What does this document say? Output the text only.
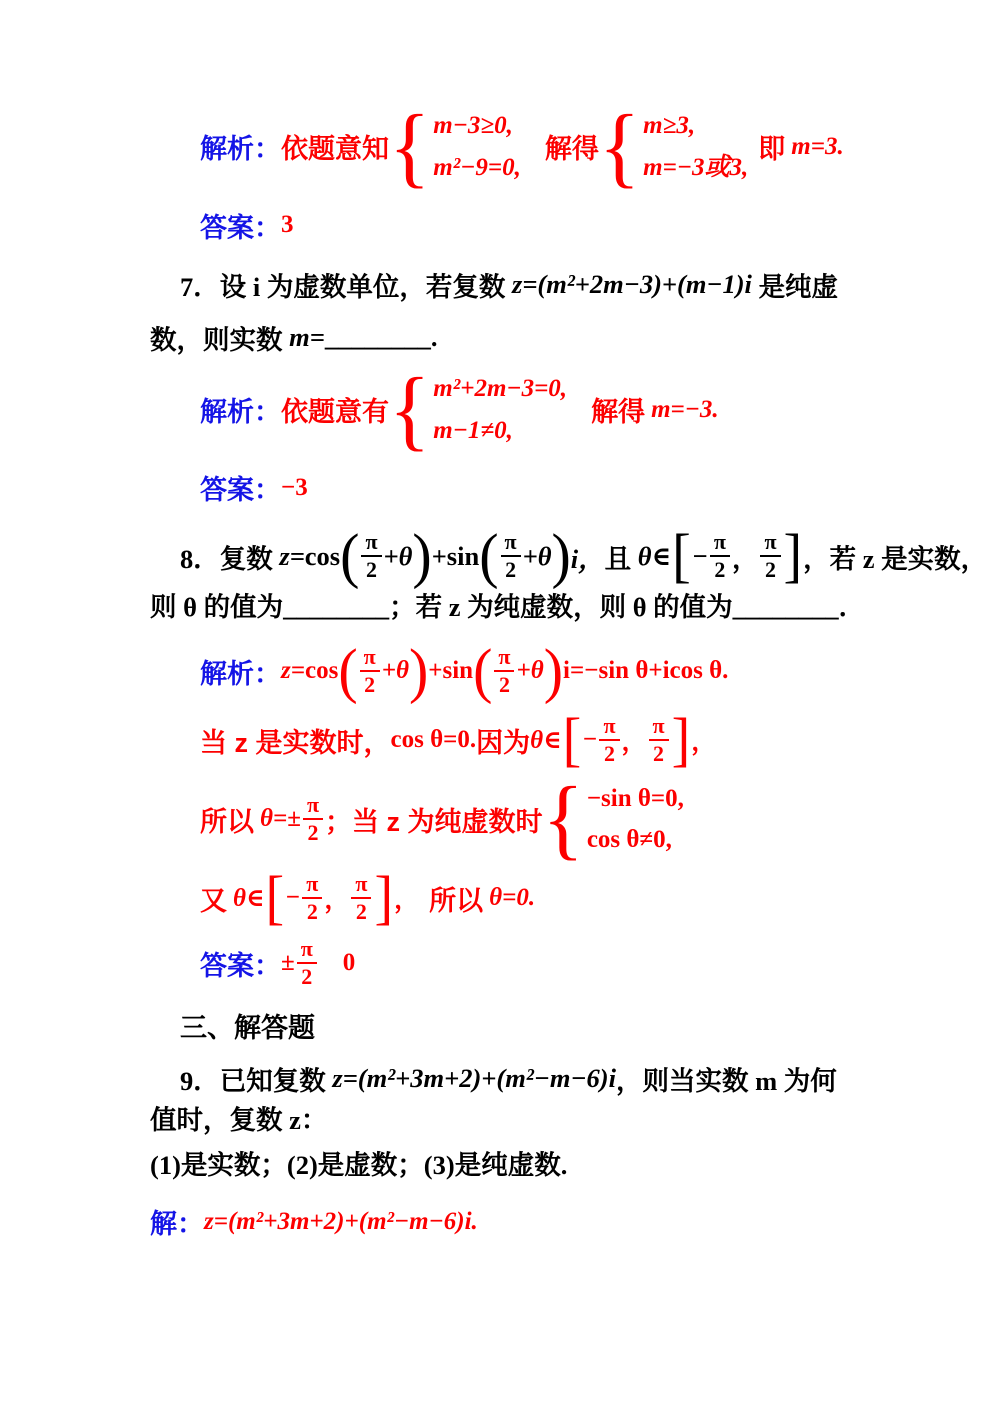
解析： 依题意知 { m−3≥0,
m²−9=0,
解得 { m≥3,
m=−3或3,
即 m=3.
答案： 3
7．设 i 为虚数单位，若复数 z=(m²+2m−3)+(m−1)i 是纯虚
数，则实数 m= ________ .
解析： 依题意有 { m²+2m−3=0,
m−1≠0,
解得 m=−3.
答案： −3
8．复数 z= cos ( $\frac{\pi}{2} +\theta$ ) +sin ( $\frac{\pi}{2} +\theta$ ) i， 且 θ∈ [ − $\frac{\pi}{2}$ ， $\frac{\pi}{2}$ ] ，若 z 是实数，

则 θ 的值为________；若 z 为纯虚数，则 θ 的值为________．

解析： z= cos ( $\frac{\pi}{2} +\theta$ ) +sin ( $\frac{\pi}{2} +\theta$ ) i=−sin θ+icos θ.
当 z 是实数时， cos θ=0. 因为 θ∈ [ − $\frac{\pi}{2}$ ， $\frac{\pi}{2}$ ] ，
所以 $\theta=\pm \frac{\pi}{2}$ ； 当 z 为纯虚数时 { −sin θ=0,
cos θ≠0,
又 θ∈ [ − $\frac{\pi}{2}$ ， $\frac{\pi}{2}$ ] ， 所以 θ=0.
答案： ± $\frac{\pi}{2} 0$
三、解答题
9．已知复数 z=(m²+3m+2)+(m²−m−6)i ，则当实数 m 为何

值时，复数 z：

(1)是实数；(2)是虚数；(3)是纯虚数.

解： z=(m²+3m+2)+(m²−m−6)i.
